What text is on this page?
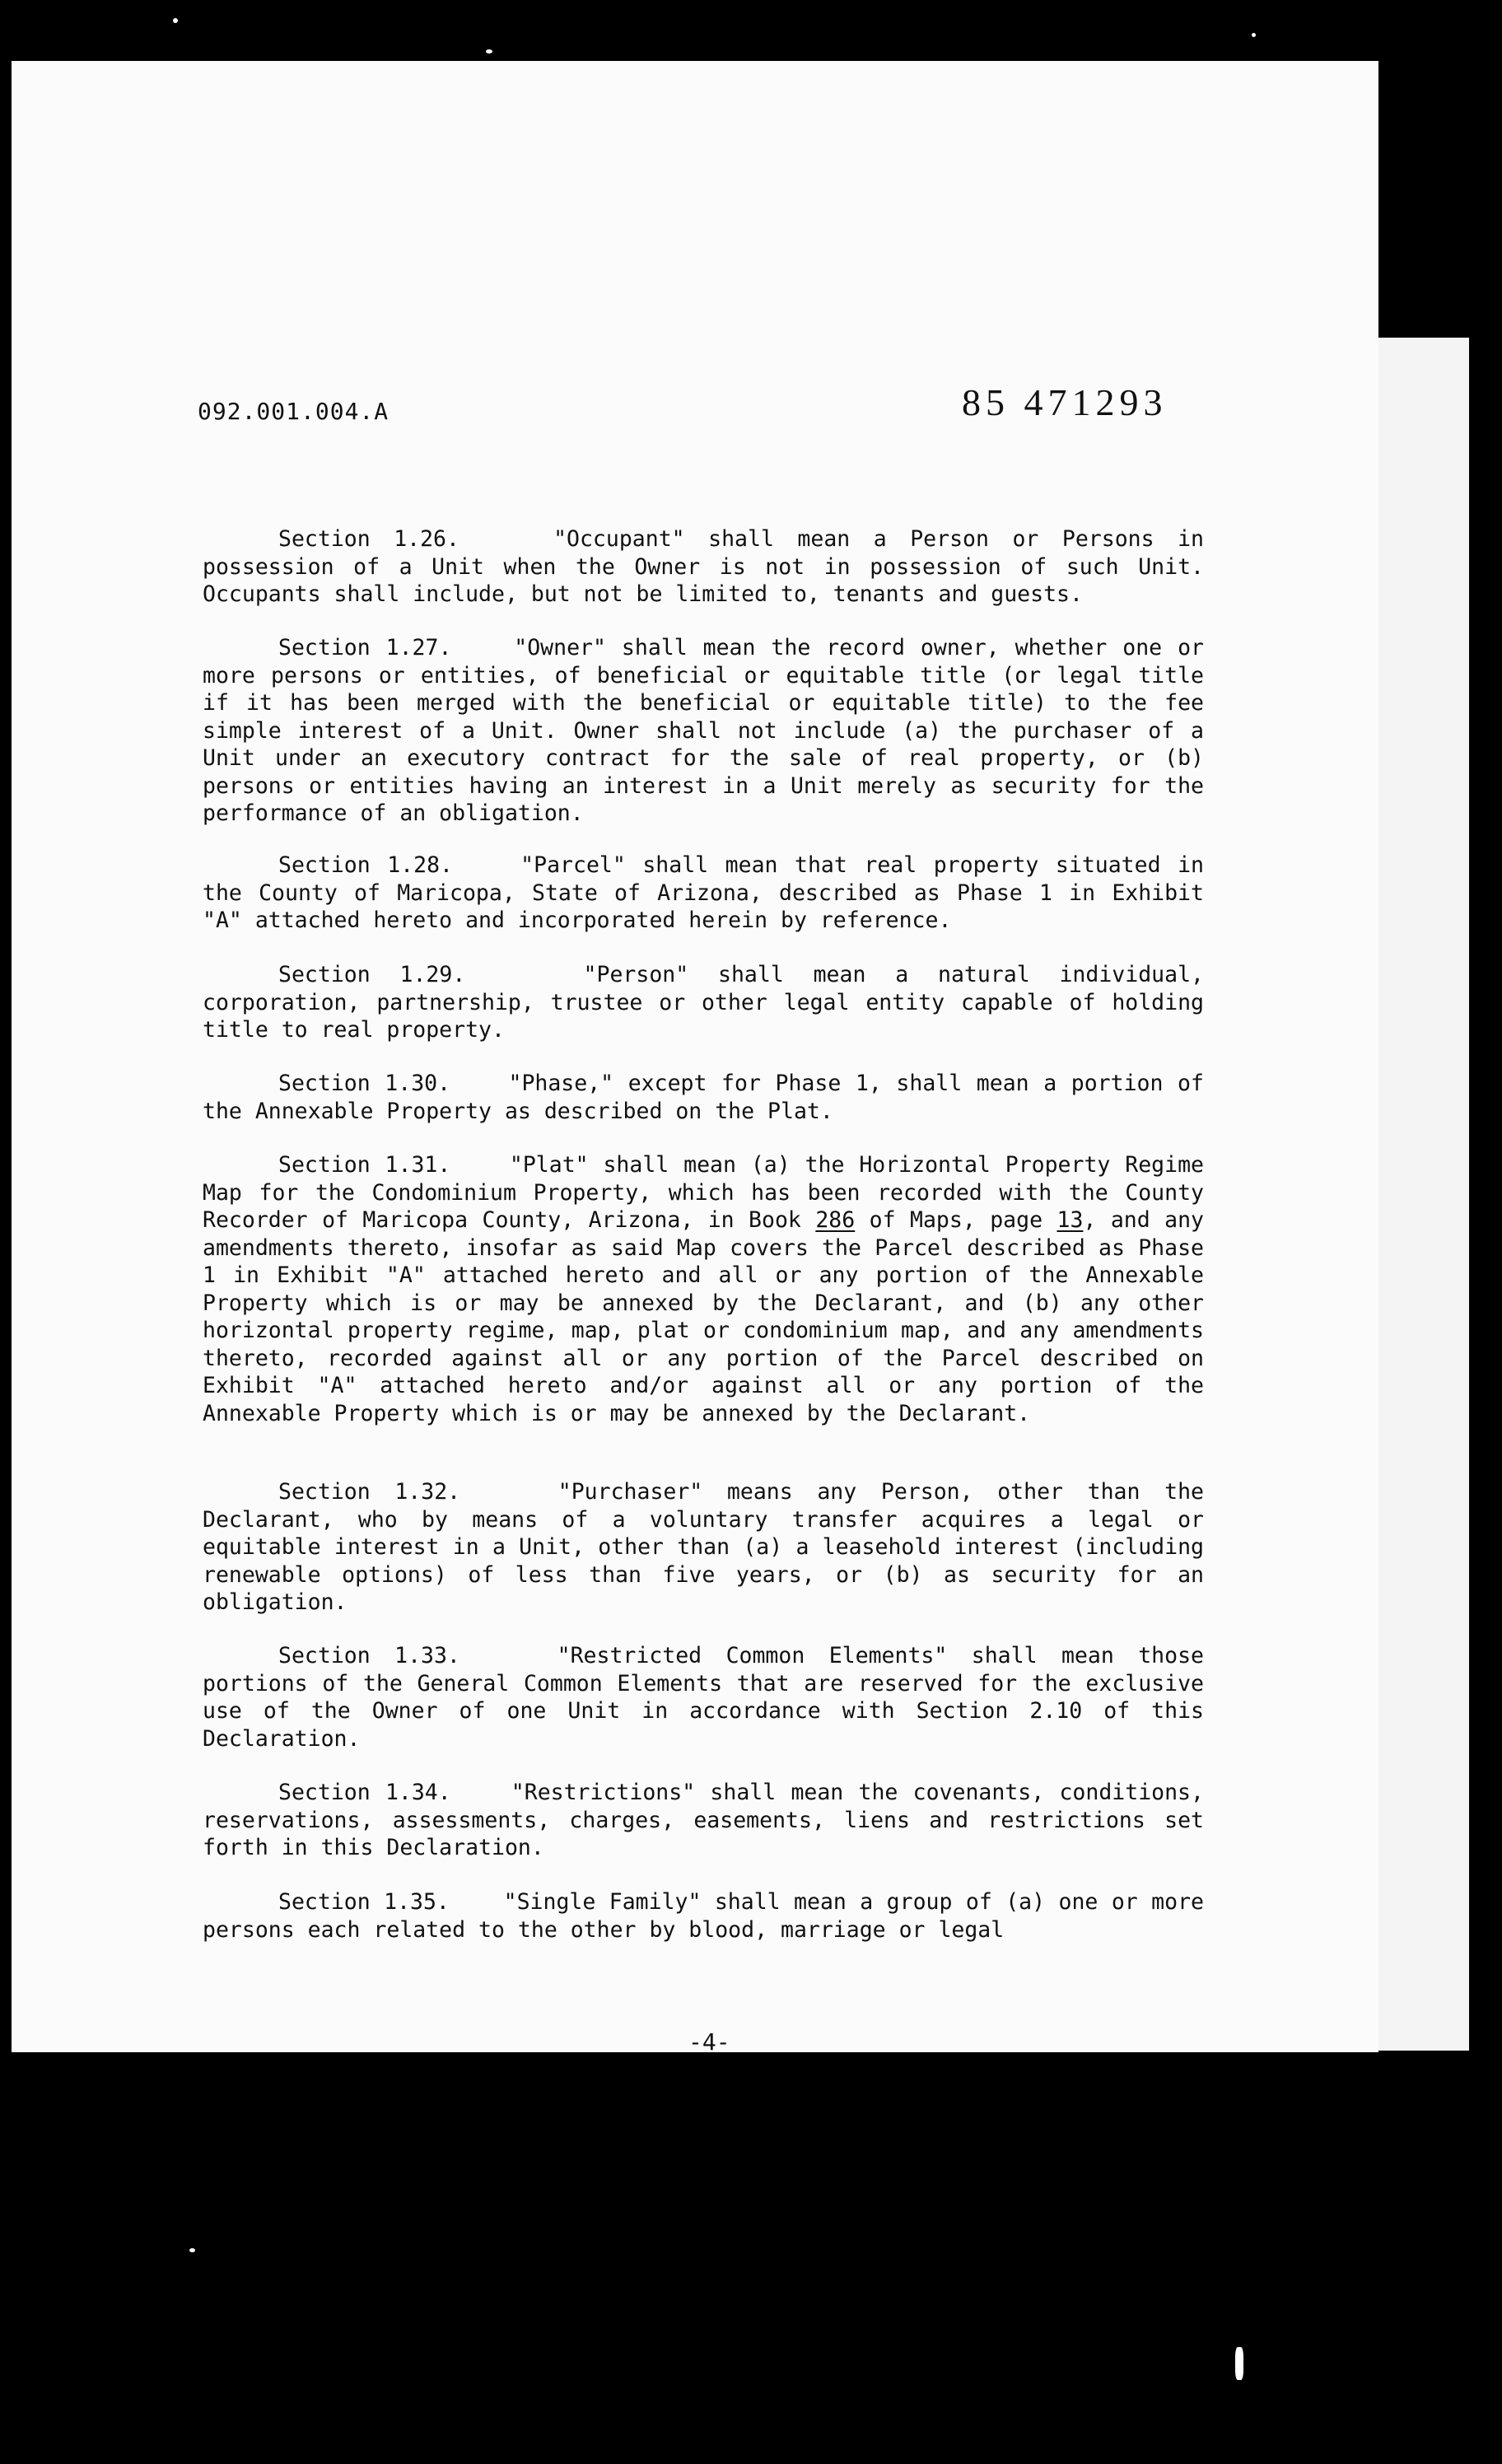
092.001.004.A	85 471293

Section 1.26.	"Occupant" shall mean a Person or Persons in possession of a Unit when the Owner is not in possession of such Unit. Occupants shall include, but not be limited to, tenants and guests.

Section 1.27.	"Owner" shall mean the record owner, whether one or more persons or entities, of beneficial or equitable title (or legal title if it has been merged with the beneficial or equitable title) to the fee simple interest of a Unit. Owner shall not include (a) the purchaser of a Unit under an executory contract for the sale of real property, or (b) persons or entities having an interest in a Unit merely as security for the performance of an obligation.

Section 1.28.	"Parcel" shall mean that real property situated in the County of Maricopa, State of Arizona, described as Phase 1 in Exhibit "A" attached hereto and incorporated herein by reference.

Section 1.29.	"Person" shall mean a natural individual, corporation, partnership, trustee or other legal entity capable of holding title to real property.

Section 1.30.	"Phase," except for Phase 1, shall mean a portion of the Annexable Property as described on the Plat.

Section 1.31.	"Plat" shall mean (a) the Horizontal Property Regime Map for the Condominium Property, which has been recorded with the County Recorder of Maricopa County, Arizona, in Book 286 of Maps, page 13, and any amendments thereto, insofar as said Map covers the Parcel described as Phase 1 in Exhibit "A" attached hereto and all or any portion of the Annexable Property which is or may be annexed by the Declarant, and (b) any other horizontal property regime, map, plat or condominium map, and any amendments thereto, recorded against all or any portion of the Parcel described on Exhibit "A" attached hereto and/or against all or any portion of the Annexable Property which is or may be annexed by the Declarant.

Section 1.32.	"Purchaser" means any Person, other than the Declarant, who by means of a voluntary transfer acquires a legal or equitable interest in a Unit, other than (a) a leasehold interest (including renewable options) of less than five years, or (b) as security for an obligation.

Section 1.33.	"Restricted Common Elements" shall mean those portions of the General Common Elements that are reserved for the exclusive use of the Owner of one Unit in accordance with Section 2.10 of this Declaration.

Section 1.34.	"Restrictions" shall mean the covenants, conditions, reservations, assessments, charges, easements, liens and restrictions set forth in this Declaration.

Section 1.35. "Single Family" shall mean a group of (a) one or more persons each related to the other by blood, marriage or legal

-4-
